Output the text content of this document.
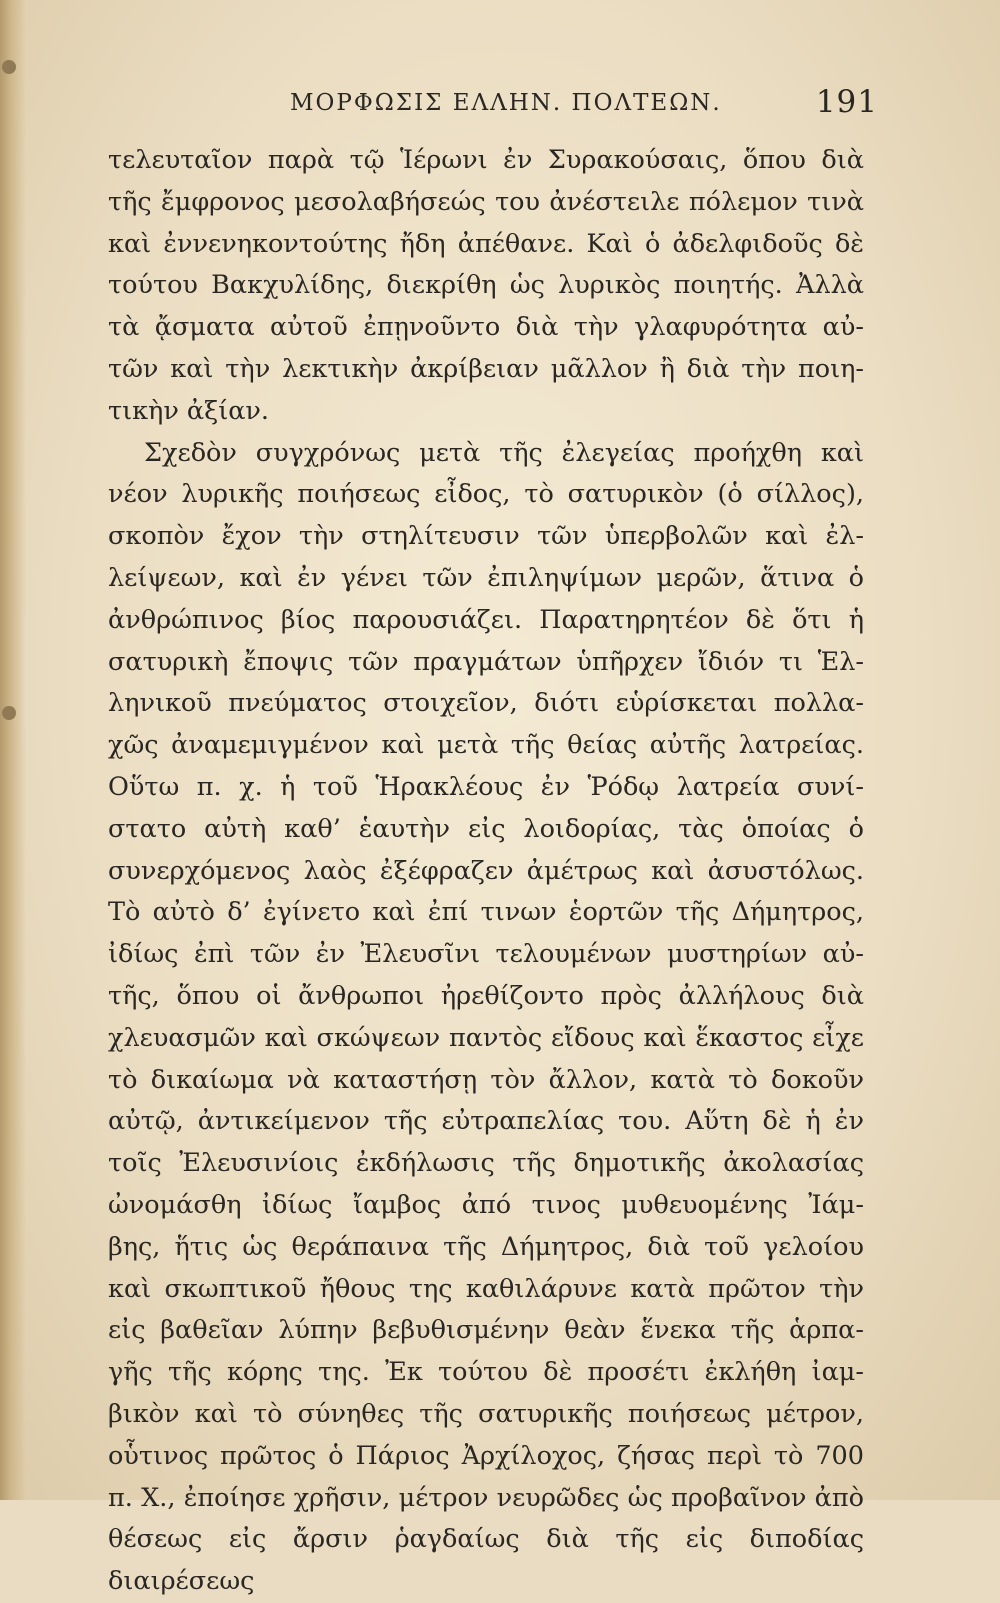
ΜΟΡΦΩΣΙΣ ΕΛΛΗΝ. ΠΟΛΤΕΩΝ.	191
τελευταῖον παρὰ τῷ Ἱέρωνι ἐν Συρακούσαις, ὅπου διὰ
τῆς ἔμφρονος μεσολαβήσεώς του ἀνέστειλε πόλεμον τινὰ
καὶ ἐννενηκοντούτης ἤδη ἀπέθανε. Καὶ ὁ ἀδελφιδοῦς δὲ
τούτου Βακχυλίδης, διεκρίθη ὡς λυρικὸς ποιητής. Ἀλλὰ
τὰ ᾄσματα αὐτοῦ ἐπῃνοῦντο διὰ τὴν γλαφυρότητα αὐ-
τῶν καὶ τὴν λεκτικὴν ἀκρίβειαν μᾶλλον ἢ διὰ τὴν ποιη-
τικὴν ἀξίαν.
Σχεδὸν συγχρόνως μετὰ τῆς ἐλεγείας προήχθη καὶ
νέον λυρικῆς ποιήσεως εἶδος, τὸ σατυρικὸν (ὁ σίλλος),
σκοπὸν ἔχον τὴν στηλίτευσιν τῶν ὑπερβολῶν καὶ ἐλ-
λείψεων, καὶ ἐν γένει τῶν ἐπιληψίμων μερῶν, ἅτινα ὁ
ἀνθρώπινος βίος παρουσιάζει. Παρατηρητέον δὲ ὅτι ἡ
σατυρικὴ ἔποψις τῶν πραγμάτων ὑπῆρχεν ἴδιόν τι Ἑλ-
ληνικοῦ πνεύματος στοιχεῖον, διότι εὑρίσκεται πολλα-
χῶς ἀναμεμιγμένον καὶ μετὰ τῆς θείας αὐτῆς λατρείας.
Οὕτω π. χ. ἡ τοῦ Ἡρακλέους ἐν Ῥόδῳ λατρεία συνί-
στατο αὐτὴ καθ’ ἑαυτὴν εἰς λοιδορίας, τὰς ὁποίας ὁ
συνερχόμενος λαὸς ἐξέφραζεν ἀμέτρως καὶ ἀσυστόλως.
Τὸ αὐτὸ δ’ ἐγίνετο καὶ ἐπί τινων ἑορτῶν τῆς Δήμητρος,
ἰδίως ἐπὶ τῶν ἐν Ἐλευσῖνι τελουμένων μυστηρίων αὐ-
τῆς, ὅπου οἱ ἄνθρωποι ἠρεθίζοντο πρὸς ἀλλήλους διὰ
χλευασμῶν καὶ σκώψεων παντὸς εἴδους καὶ ἕκαστος εἶχε
τὸ δικαίωμα νὰ καταστήσῃ τὸν ἄλλον, κατὰ τὸ δοκοῦν
αὐτῷ, ἀντικείμενον τῆς εὐτραπελίας του. Αὕτη δὲ ἡ ἐν
τοῖς Ἐλευσινίοις ἐκδήλωσις τῆς δημοτικῆς ἀκολασίας
ὠνομάσθη ἰδίως ἴαμβος ἀπό τινος μυθευομένης Ἰάμ-
βης, ἥτις ὡς θεράπαινα τῆς Δήμητρος, διὰ τοῦ γελοίου
καὶ σκωπτικοῦ ἤθους της καθιλάρυνε κατὰ πρῶτον τὴν
εἰς βαθεῖαν λύπην βεβυθισμένην θεὰν ἕνεκα τῆς ἁρπα-
γῆς τῆς κόρης της. Ἐκ τούτου δὲ προσέτι ἐκλήθη ἰαμ-
βικὸν καὶ τὸ σύνηθες τῆς σατυρικῆς ποιήσεως μέτρον,
οὗτινος πρῶτος ὁ Πάριος Ἀρχίλοχος, ζήσας περὶ τὸ 700
π. Χ., ἐποίησε χρῆσιν, μέτρον νευρῶδες ὡς προβαῖνον ἀπὸ
θέσεως εἰς ἄρσιν ῥαγδαίως διὰ τῆς εἰς διποδίας διαιρέσεως
